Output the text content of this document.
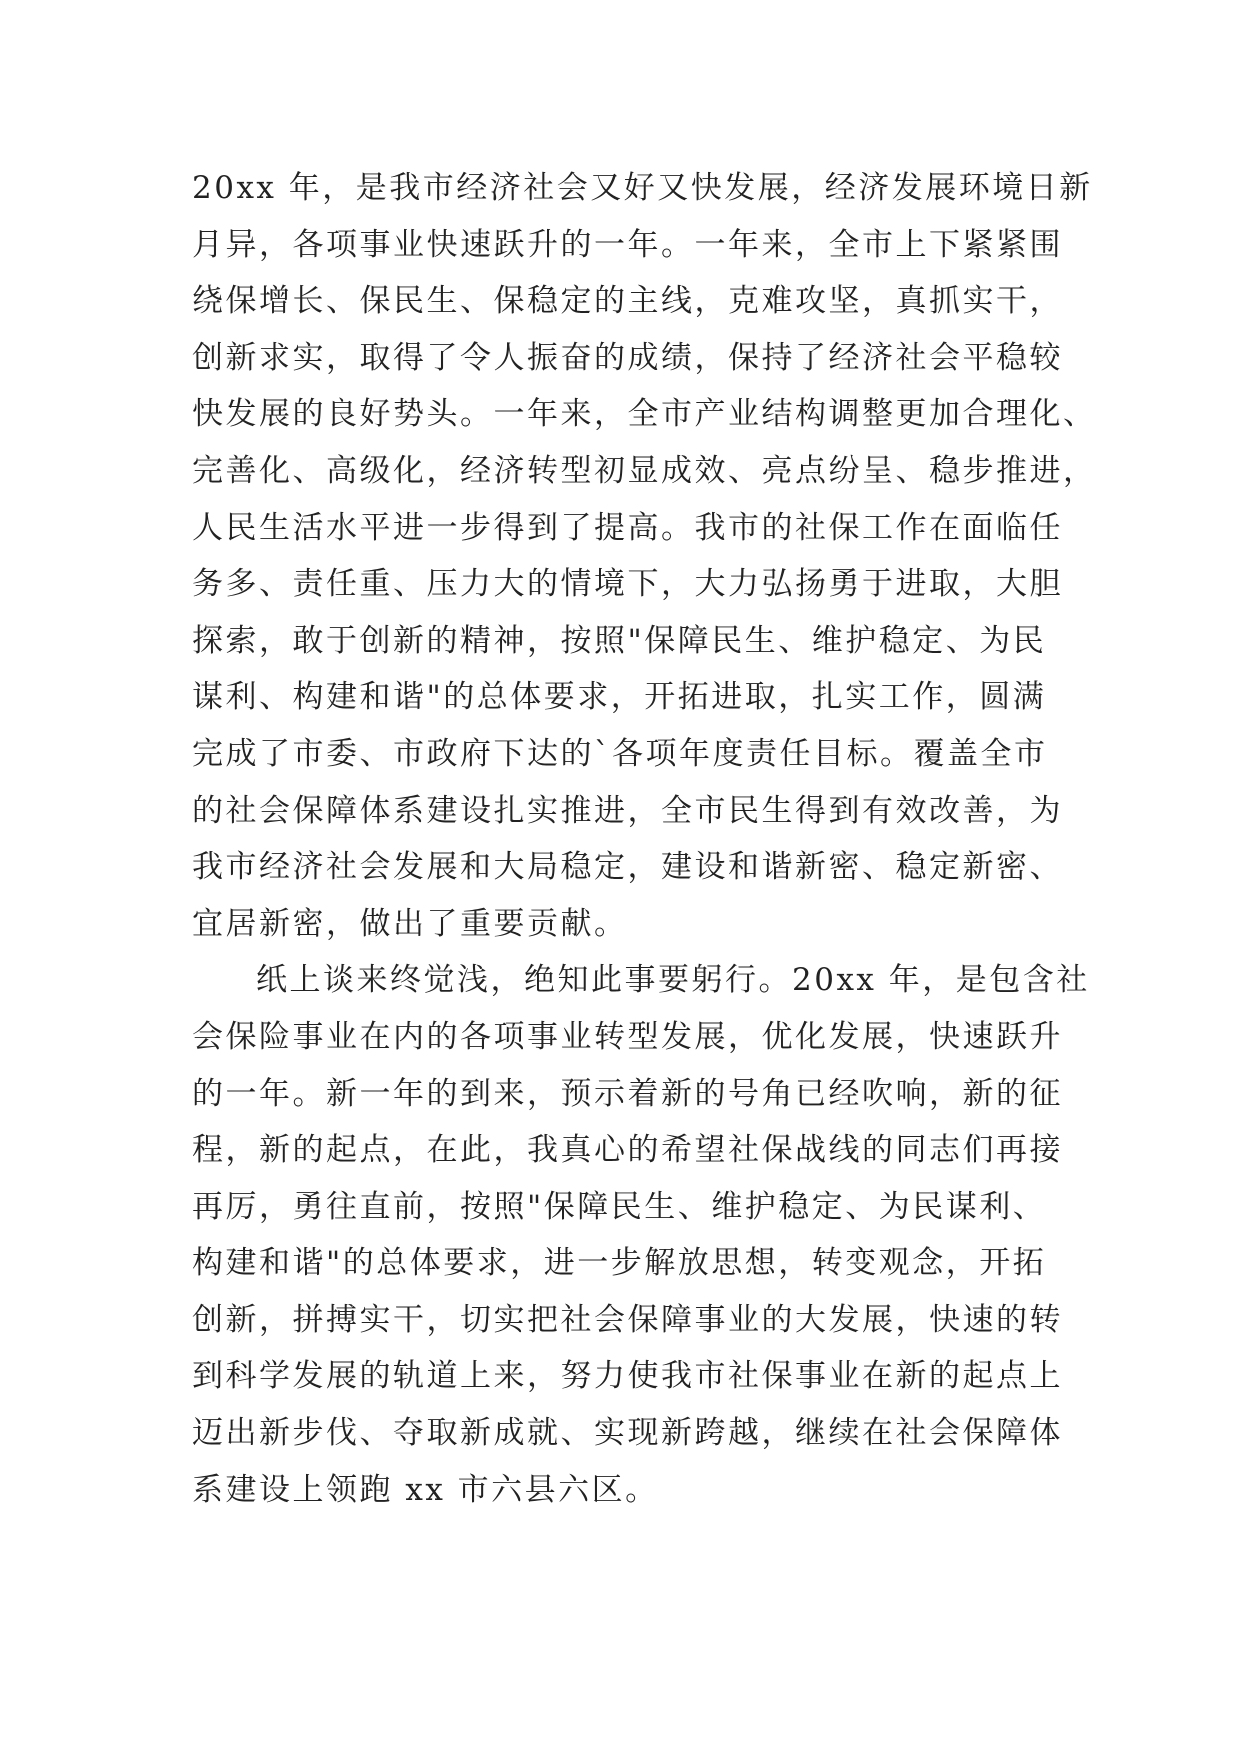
20xx 年，是我市经济社会又好又快发展，经济发展环境日新
月异，各项事业快速跃升的一年。一年来，全市上下紧紧围
绕保增长、保民生、保稳定的主线，克难攻坚，真抓实干，
创新求实，取得了令人振奋的成绩，保持了经济社会平稳较
快发展的良好势头。一年来，全市产业结构调整更加合理化、
完善化、高级化，经济转型初显成效、亮点纷呈、稳步推进，
人民生活水平进一步得到了提高。我市的社保工作在面临任
务多、责任重、压力大的情境下，大力弘扬勇于进取，大胆
探索，敢于创新的精神，按照"保障民生、维护稳定、为民
谋利、构建和谐"的总体要求，开拓进取，扎实工作，圆满
完成了市委、市政府下达的`各项年度责任目标。覆盖全市
的社会保障体系建设扎实推进，全市民生得到有效改善，为
我市经济社会发展和大局稳定，建设和谐新密、稳定新密、
宜居新密，做出了重要贡献。
纸上谈来终觉浅，绝知此事要躬行。20xx 年，是包含社
会保险事业在内的各项事业转型发展，优化发展，快速跃升
的一年。新一年的到来，预示着新的号角已经吹响，新的征
程，新的起点，在此，我真心的希望社保战线的同志们再接
再厉，勇往直前，按照"保障民生、维护稳定、为民谋利、
构建和谐"的总体要求，进一步解放思想，转变观念，开拓
创新，拼搏实干，切实把社会保障事业的大发展，快速的转
到科学发展的轨道上来，努力使我市社保事业在新的起点上
迈出新步伐、夺取新成就、实现新跨越，继续在社会保障体
系建设上领跑 xx 市六县六区。
